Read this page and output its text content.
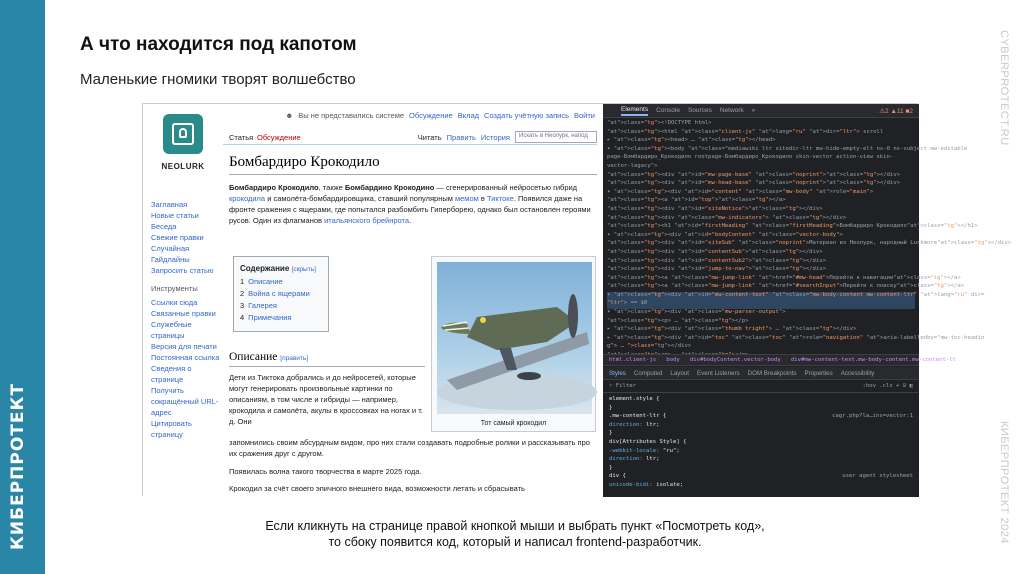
КИБЕРПРОТЕКТ
А что находится под капотом
Маленькие гномики творят волшебство	CYBERPROTECT.RU
КИБЕРПРОТЕКТ 2024
NEOLURK
☻ Вы не представились системе Обсуждение Вклад Создать учётную запись Войти
Статья Обсуждение	Читать Править История	Искать в Неолурк, напод
Бомбардиро Крокодило
Бомбардиро Крокодило, также Бомбардино Крокодино — сгенерированный нейросетью гибрид крокодила и самолёта-бомбардировщика, ставший популярным мемом в Тиктоке. Появился даже на фронте сражения с ящерами, где попытался разбомбить Гиперборею, однако был остановлен героями русов. Один из флагманов итальянского брейнрота.
Заглавная
Новые статьи
Беседа
Свежие правки
Случайная
Гайдлайны
Запросить статью
Инструменты
Ссылки сюда
Связанные правки
Служебные страницы
Версия для печати
Постоянная ссылка
Сведения о странице
Получить сокращённый URL-адрес
Цитировать страницу
Содержание [скрыть]
1 Описание
2 Война с ящерами
3 Галерея
4 Примечания
Тот самый крокодил
Описание [править]
Дети из Тиктока добрались и до нейросетей, которые могут генерировать произвольные картинки по описаниям, в том числе и гибриды — например, крокодила и самолёта, акулы в кроссовках на ногах и т. д. Они
запомнились своим абсурдным видом, про них стали создавать подробные ролики и рассказывать про их сражения друг с другом.
Появилась волна такого творчества в марте 2025 года.
Крокодил за счёт своего эпичного внешнего вида, возможности летать и сбрасывать
Elements Console Sources Network »	⚠2 ▲11 ■2
"at">class="tg"><!DOCTYPE html>
"at">class="tg"><html "at">class="client-js" "at">lang="ru" "at">dir="ltr"> scroll
▸ "at">class="tg"><head> … "at">class="tg"></head>
▾ "at">class="tg"><body "at">class="mediawiki ltr sitedir-ltr mw-hide-empty-elt ns-0 ns-subject mw-editable
page-Бомбардиро_Крокодило rootpage-Бомбардиро_Крокодило skin-vector action-view skin-
vector-legacy">
"at">class="tg"><div "at">id="mw-page-base" "at">class="noprint">"at">class="tg"></div>
"at">class="tg"><div "at">id="mw-head-base" "at">class="noprint">"at">class="tg"></div>
▾ "at">class="tg"><div "at">id="content" "at">class="mw-body" "at">role="main">
"at">class="tg"><a "at">id="top">"at">class="tg"></a>
"at">class="tg"><div "at">id="siteNotice">"at">class="tg"></div>
"at">class="tg"><div "at">class="mw-indicators"> "at">class="tg"></div>
"at">class="tg"><h1 "at">id="firstHeading" "at">class="firstHeading">Бомбардиро Крокодило"at">class="tg"></h1>
▾ "at">class="tg"><div "at">id="bodyContent" "at">class="vector-body">
"at">class="tg"><div "at">id="siteSub" "at">class="noprint">Материал из Неолурк, народный Lurkmore"at">class="tg"></div>
"at">class="tg"><div "at">id="contentSub">"at">class="tg"></div>
"at">class="tg"><div "at">id="contentSub2">"at">class="tg"></div>
"at">class="tg"><div "at">id="jump-to-nav">"at">class="tg"></div>
"at">class="tg"><a "at">class="mw-jump-link" "at">href="#mw-head">Перейти к навигации"at">class="tg"></a>
"at">class="tg"><a "at">class="mw-jump-link" "at">href="#searchInput">Перейти к поиску"at">class="tg"></a>
▾ "at">class="tg"><div "at">id="mw-content-text" "at">class="mw-body-content mw-content-ltr" "at">lang="ru" dir=
"ltr"> == $0
▾ "at">class="tg"><div "at">class="mw-parser-output">
"at">class="tg"><p> … "at">class="tg"></p>
▸ "at">class="tg"><div "at">class="thumb tright"> … "at">class="tg"></div>
▸ "at">class="tg"><div "at">id="toc" "at">class="toc" "at">role="navigation" "at">aria-labelledby="mw-toc-headin
g"> … ">class="tg"></div>
html.client-js body div#bodyContent.vector-body div#mw-content-text.mw-body-content.mw-content-lt
Styles Computed Layout Event Listeners DOM Breakpoints Properties Accessibility
▿ Filter	:hov .cls + ⊡ ◧
element.style {
}
.mw-content-ltr {	cagr.php?la…ins=vector:1
direction: ltr;
}
div[Attributes Style] {
-webkit-locale: "ru";
direction: ltr;
}
div {	user agent stylesheet
unicode-bidi: isolate;
Если кликнуть на странице правой кнопкой мыши и выбрать пункт «Посмотреть код»,
то сбоку появится код, который и написал frontend-разработчик.
